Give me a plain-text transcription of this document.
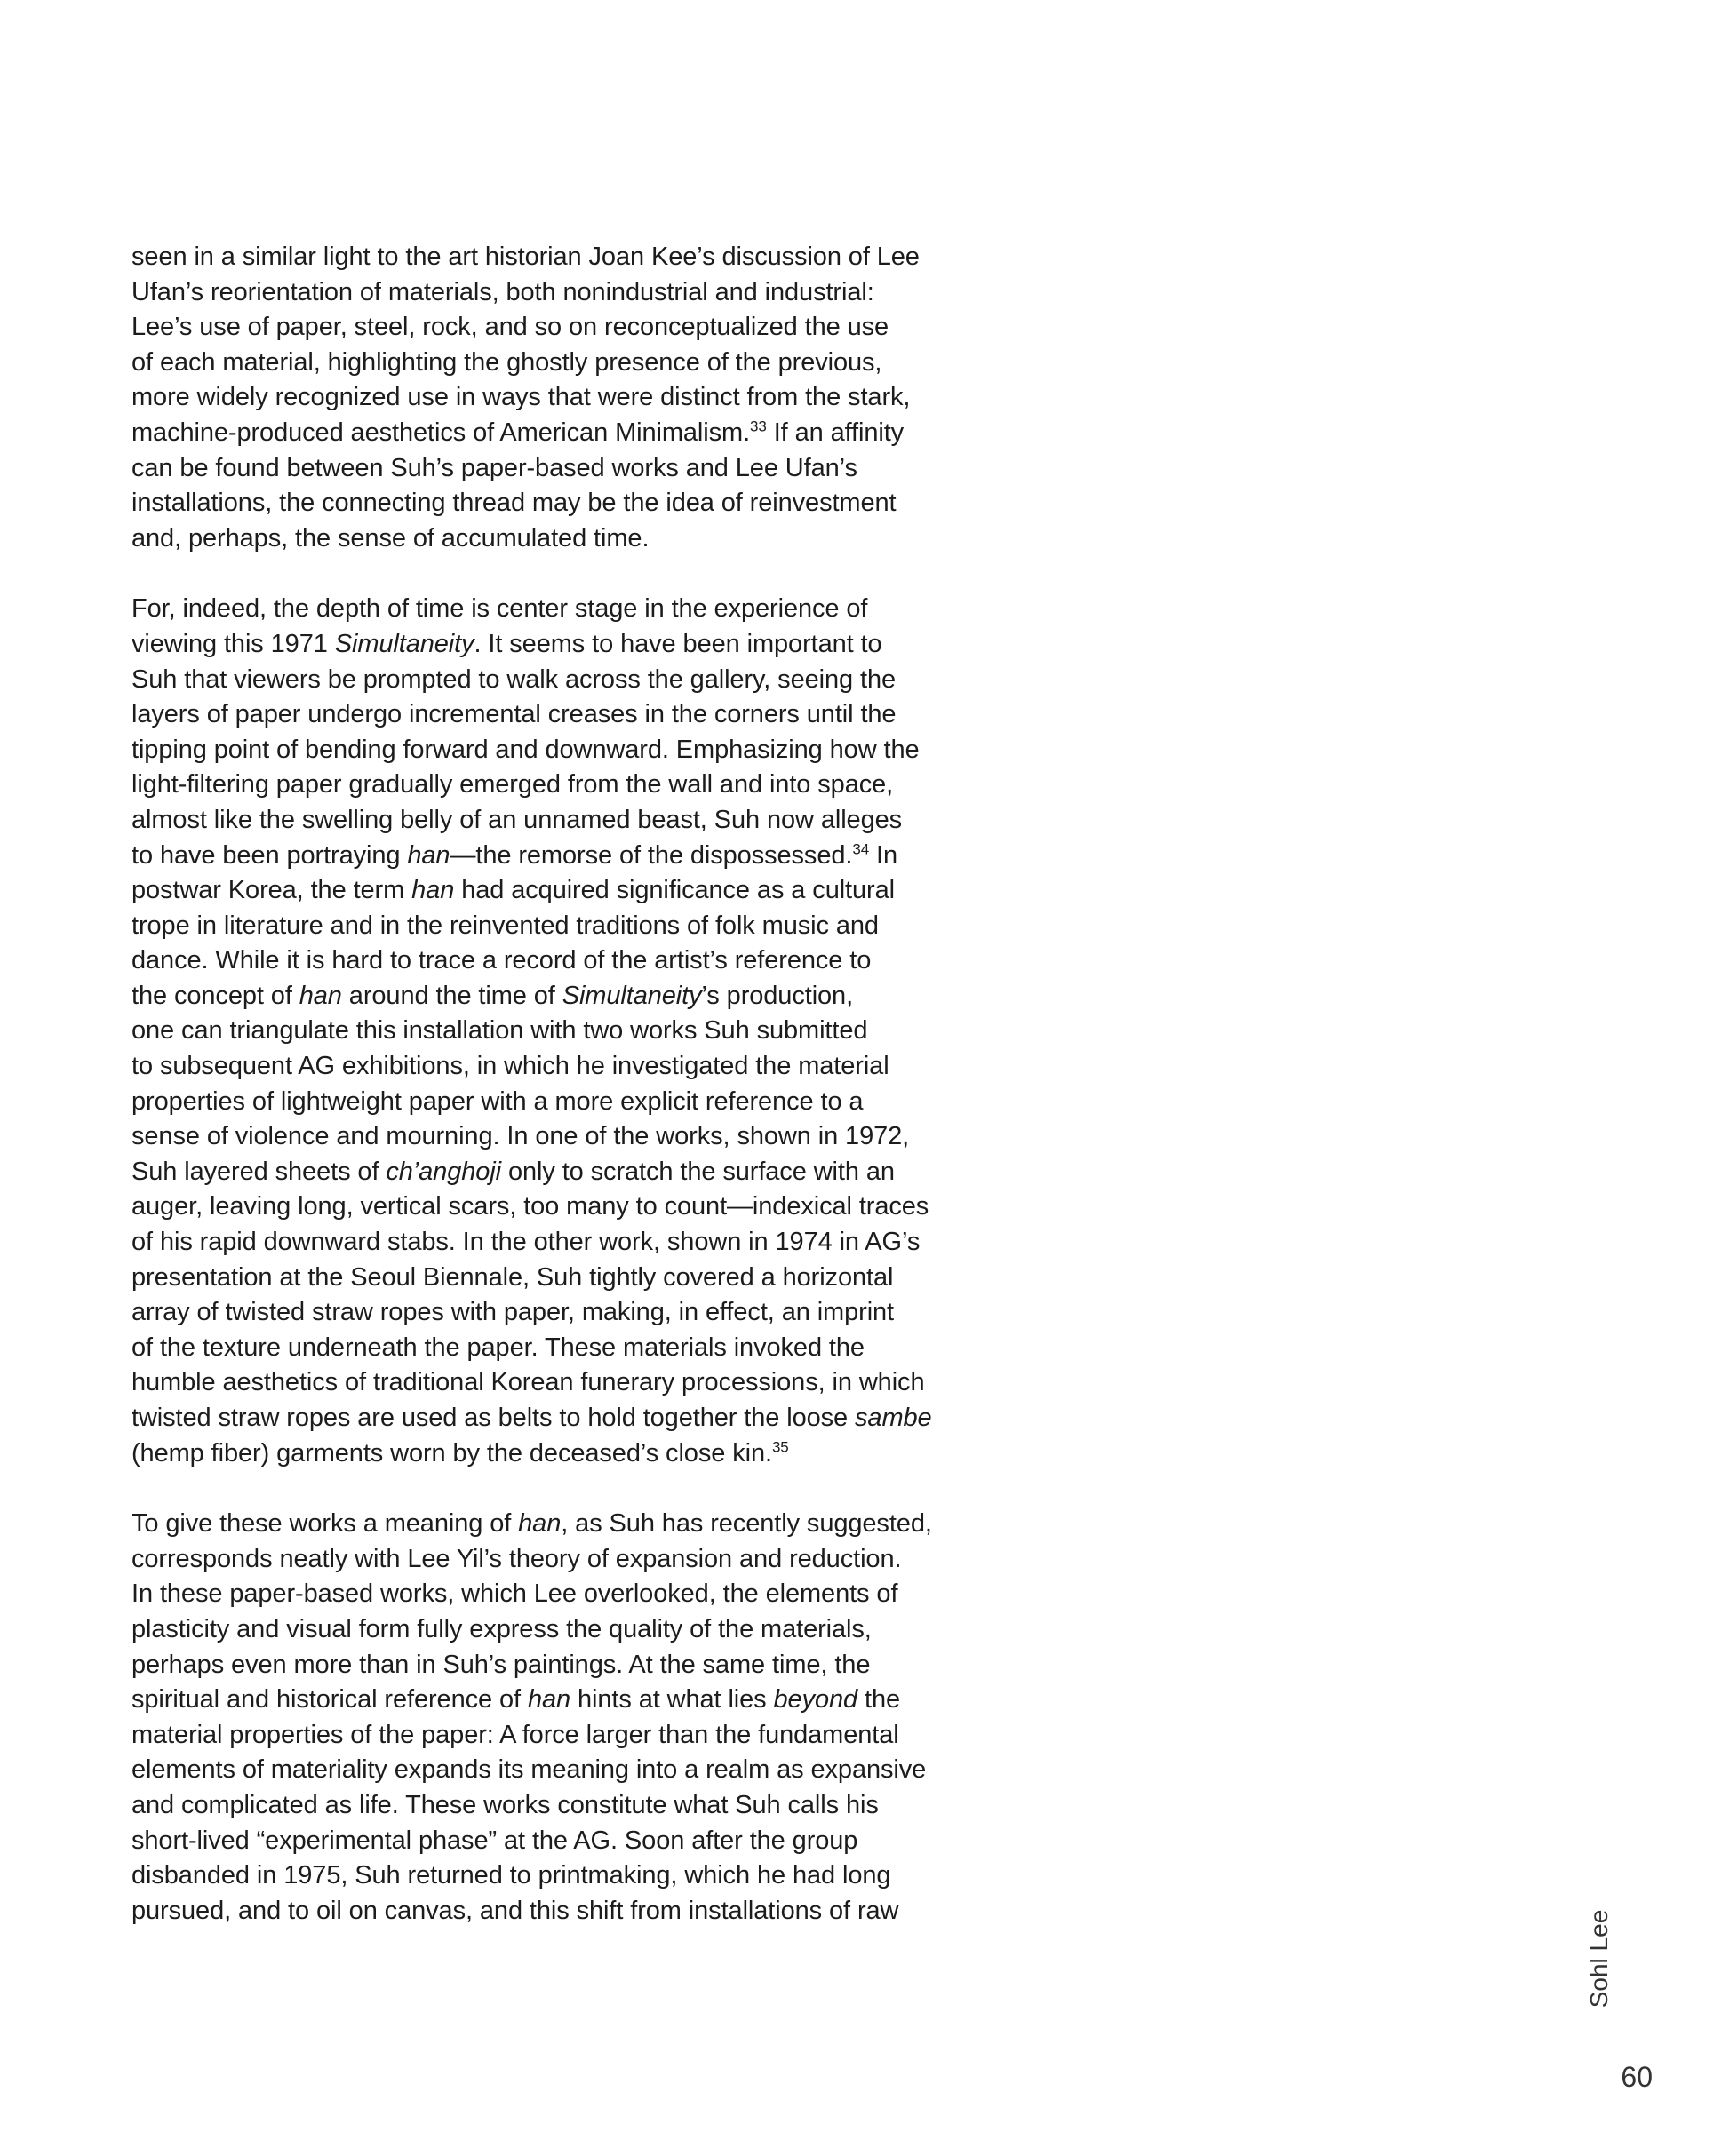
seen in a similar light to the art historian Joan Kee’s discussion of Lee
Ufan’s reorientation of materials, both nonindustrial and industrial:
Lee’s use of paper, steel, rock, and so on reconceptualized the use
of each material, highlighting the ghostly presence of the previous,
more widely recognized use in ways that were distinct from the stark,
machine-produced aesthetics of American Minimalism.$^{33}$ If an affinity
can be found between Suh’s paper-based works and Lee Ufan’s
installations, the connecting thread may be the idea of reinvestment
and, perhaps, the sense of accumulated time.
For, indeed, the depth of time is center stage in the experience of
viewing this 1971 Simultaneity. It seems to have been important to
Suh that viewers be prompted to walk across the gallery, seeing the
layers of paper undergo incremental creases in the corners until the
tipping point of bending forward and downward. Emphasizing how the
light-filtering paper gradually emerged from the wall and into space,
almost like the swelling belly of an unnamed beast, Suh now alleges
to have been portraying han—the remorse of the dispossessed.$^{34}$ In
postwar Korea, the term han had acquired significance as a cultural
trope in literature and in the reinvented traditions of folk music and
dance. While it is hard to trace a record of the artist’s reference to
the concept of han around the time of Simultaneity’s production,
one can triangulate this installation with two works Suh submitted
to subsequent AG exhibitions, in which he investigated the material
properties of lightweight paper with a more explicit reference to a
sense of violence and mourning. In one of the works, shown in 1972,
Suh layered sheets of ch’anghoji only to scratch the surface with an
auger, leaving long, vertical scars, too many to count—indexical traces
of his rapid downward stabs. In the other work, shown in 1974 in AG’s
presentation at the Seoul Biennale, Suh tightly covered a horizontal
array of twisted straw ropes with paper, making, in effect, an imprint
of the texture underneath the paper. These materials invoked the
humble aesthetics of traditional Korean funerary processions, in which
twisted straw ropes are used as belts to hold together the loose sambe
(hemp fiber) garments worn by the deceased’s close kin.$^{35}$
To give these works a meaning of han, as Suh has recently suggested,
corresponds neatly with Lee Yil’s theory of expansion and reduction.
In these paper-based works, which Lee overlooked, the elements of
plasticity and visual form fully express the quality of the materials,
perhaps even more than in Suh’s paintings. At the same time, the
spiritual and historical reference of han hints at what lies beyond the
material properties of the paper: A force larger than the fundamental
elements of materiality expands its meaning into a realm as expansive
and complicated as life. These works constitute what Suh calls his
short-lived “experimental phase” at the AG. Soon after the group
disbanded in 1975, Suh returned to printmaking, which he had long
pursued, and to oil on canvas, and this shift from installations of raw	Sohl Lee
60
